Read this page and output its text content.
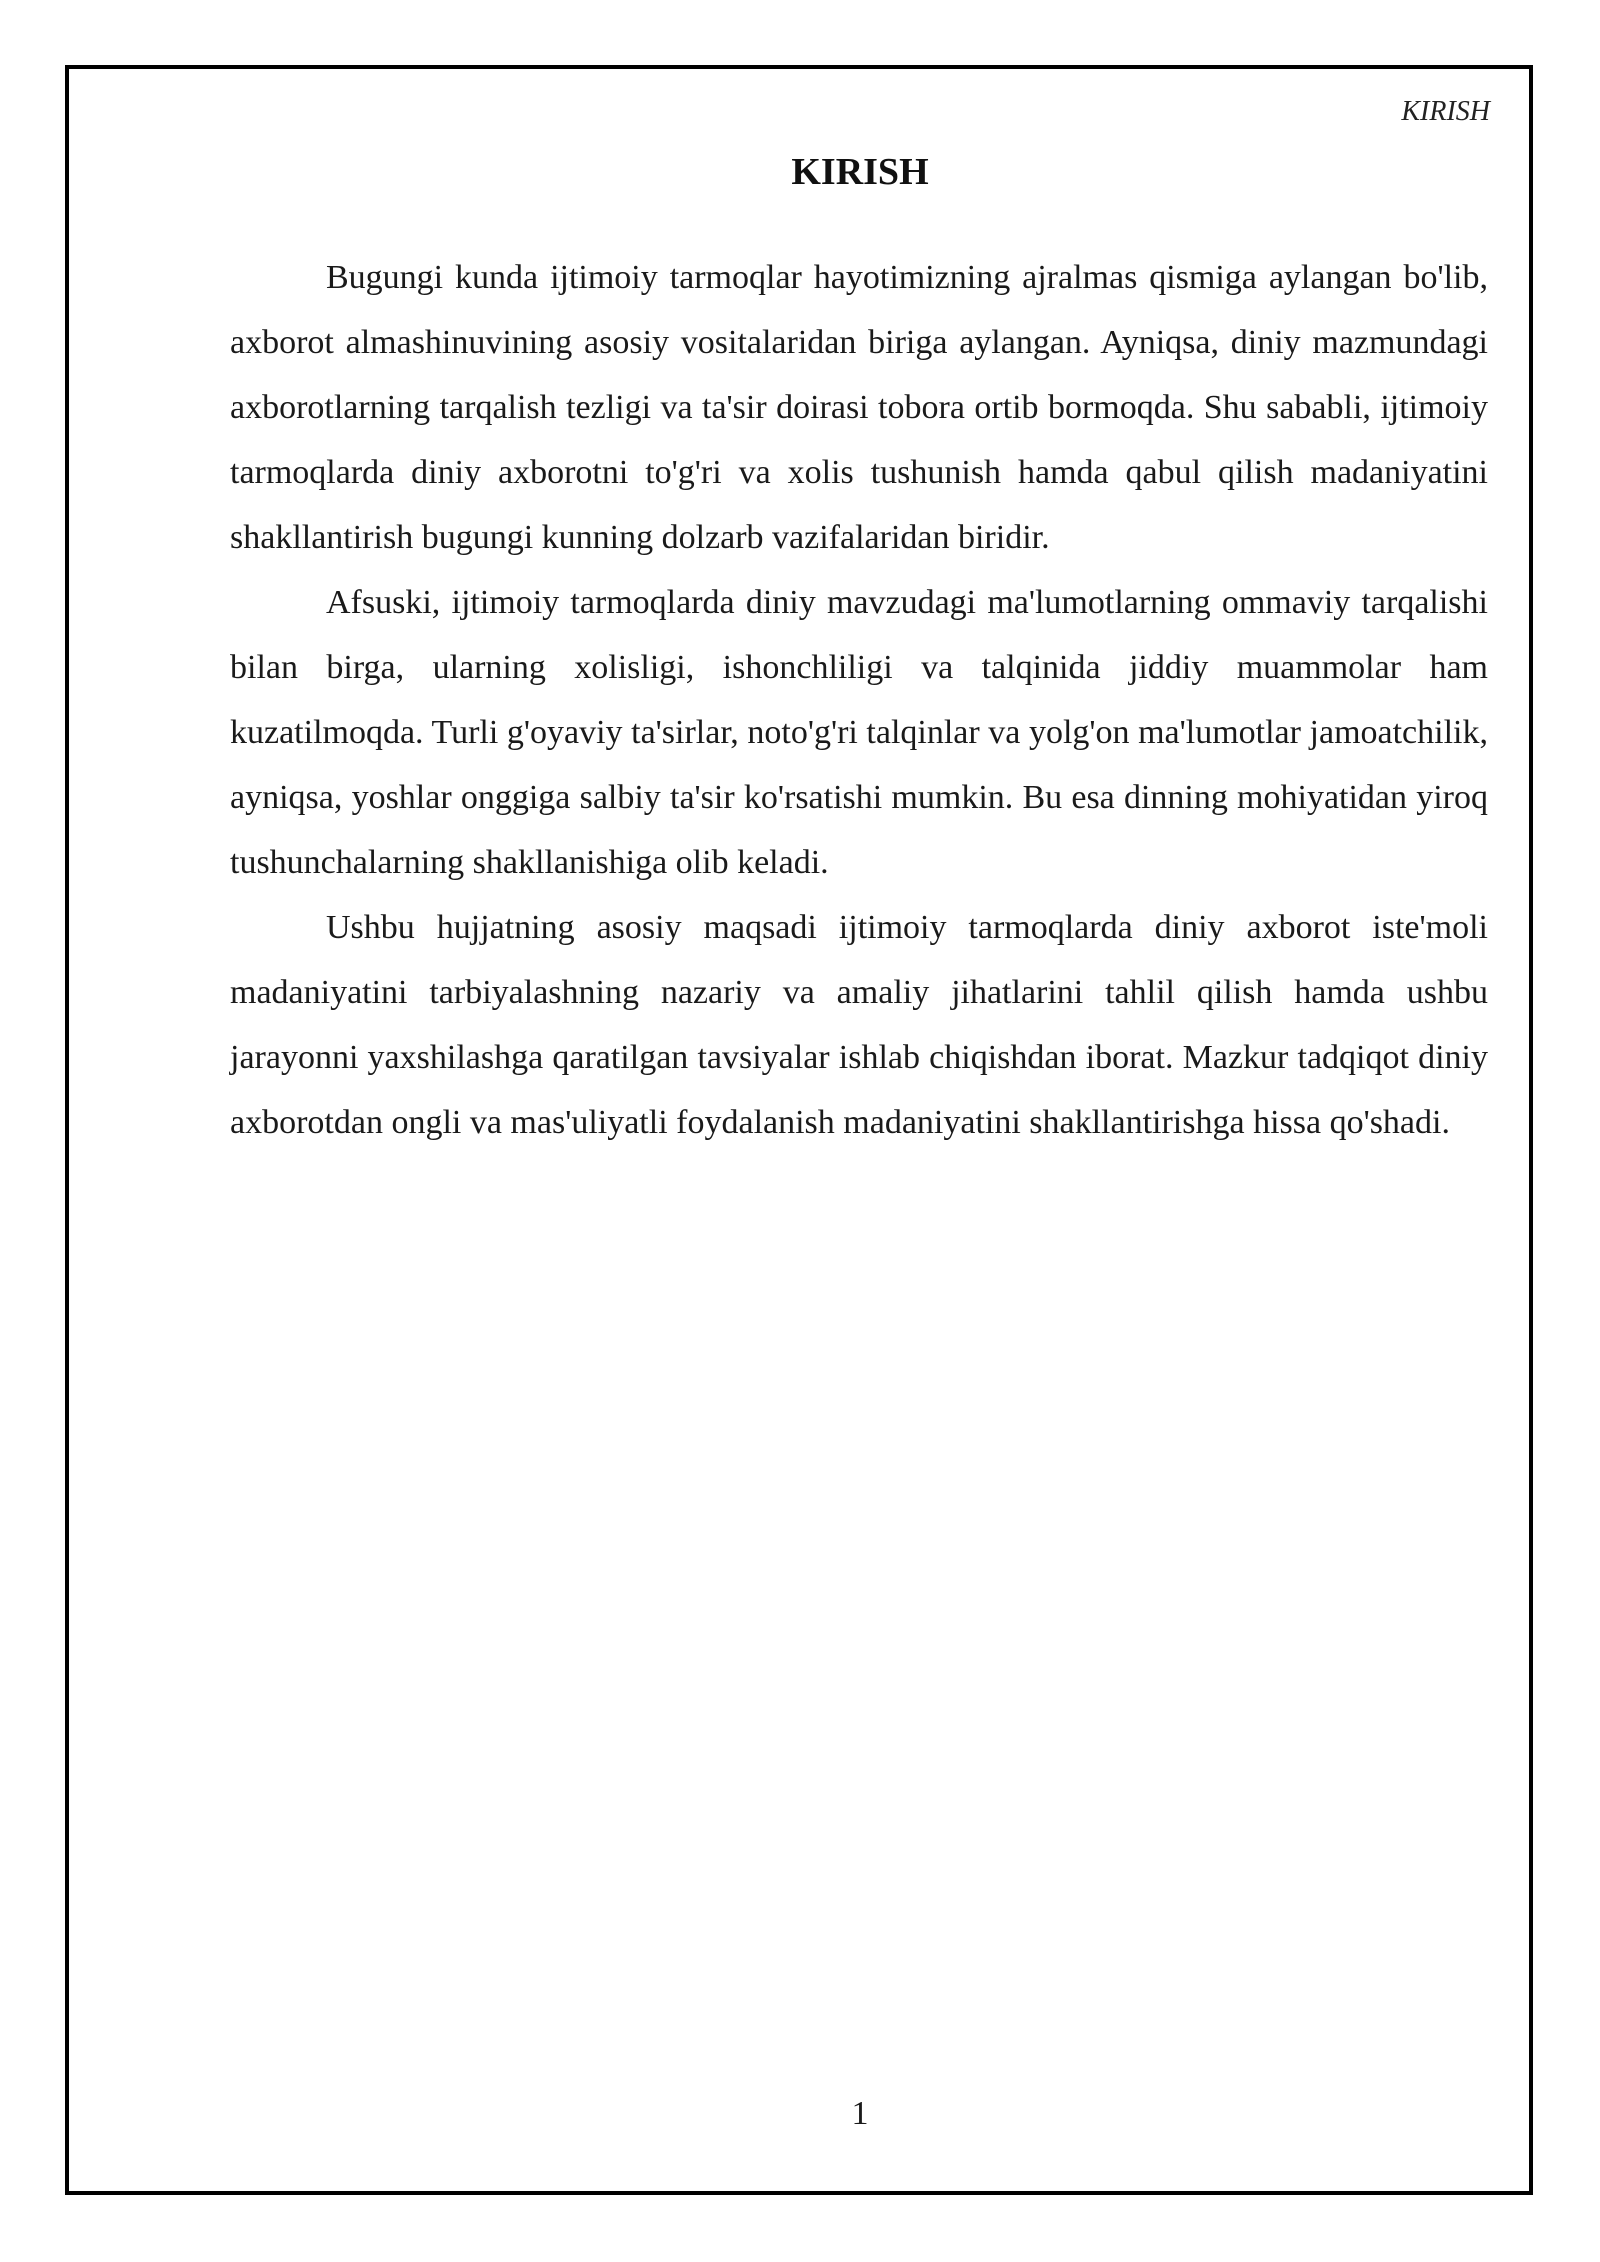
KIRISH
KIRISH

Bugungi kunda ijtimoiy tarmoqlar hayotimizning ajralmas qismiga aylangan bo'lib, axborot almashinuvining asosiy vositalaridan biriga aylangan. Ayniqsa, diniy mazmundagi axborotlarning tarqalish tezligi va ta'sir doirasi tobora ortib bormoqda. Shu sababli, ijtimoiy tarmoqlarda diniy axborotni to'g'ri va xolis tushunish hamda qabul qilish madaniyatini shakllantirish bugungi kunning dolzarb vazifalaridan biridir.

Afsuski, ijtimoiy tarmoqlarda diniy mavzudagi ma'lumotlarning ommaviy tarqalishi bilan birga, ularning xolisligi, ishonchliligi va talqinida jiddiy muammolar ham kuzatilmoqda. Turli g'oyaviy ta'sirlar, noto'g'ri talqinlar va yolg'on ma'lumotlar jamoatchilik, ayniqsa, yoshlar onggiga salbiy ta'sir ko'rsatishi mumkin. Bu esa dinning mohiyatidan yiroq tushunchalarning shakllanishiga olib keladi.

Ushbu hujjatning asosiy maqsadi ijtimoiy tarmoqlarda diniy axborot iste'moli madaniyatini tarbiyalashning nazariy va amaliy jihatlarini tahlil qilish hamda ushbu jarayonni yaxshilashga qaratilgan tavsiyalar ishlab chiqishdan iborat. Mazkur tadqiqot diniy axborotdan ongli va mas'uliyatli foydalanish madaniyatini shakllantirishga hissa qo'shadi.

1
